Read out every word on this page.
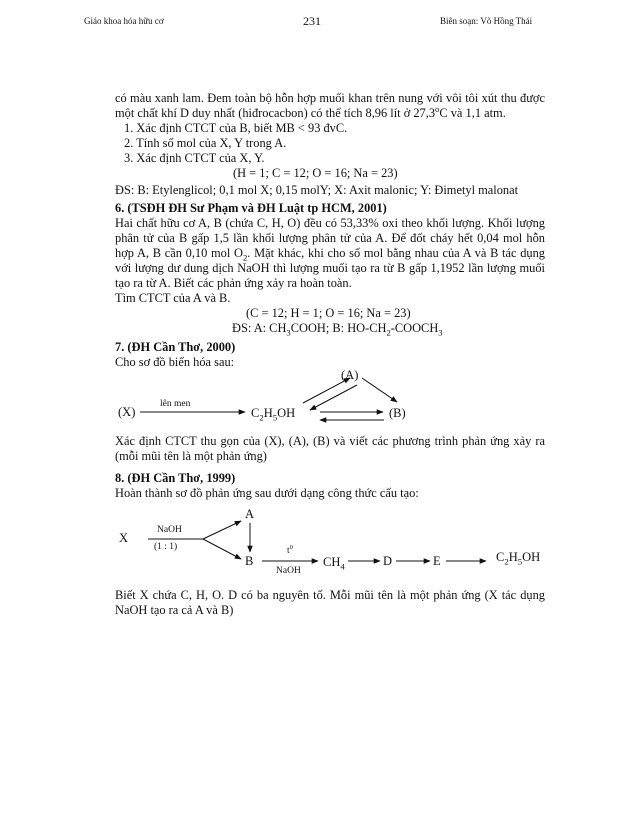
Giáo khoa hóa hữu cơ	231	Biên soạn: Võ Hồng Thái
có màu xanh lam. Đem toàn bộ hỗn hợp muối khan trên nung với vôi tôi xút thu được
một chất khí D duy nhất (hiđrocacbon) có thể tích 8,96 lít ở 27,3$^o$C và 1,1 atm.
1. Xác định CTCT của B, biết MB < 93 đvC.
2. Tính số mol của X, Y trong A.
3. Xác định CTCT của X, Y.
(H = 1; C = 12; O = 16; Na = 23)
ĐS: B: Etylenglicol; 0,1 mol X; 0,15 molY; X: Axit malonic; Y: Đimetyl malonat
6. (TSĐH ĐH Sư Phạm và ĐH Luật tp HCM, 2001)
Hai chất hữu cơ A, B (chứa C, H, O) đều có 53,33% oxi theo khối lượng. Khối lượng
phân tử của B gấp 1,5 lần khối lượng phân tử của A. Để đốt cháy hết 0,04 mol hỗn
hợp A, B cần 0,10 mol $O_2$. Mặt khác, khi cho số mol bằng nhau của A và B tác dụng
với lượng dư dung dịch NaOH thì lượng muối tạo ra từ B gấp 1,1952 lần lượng muối
tạo ra từ A. Biết các phản ứng xảy ra hoàn toàn.
Tìm CTCT của A và B.
(C = 12; H = 1; O = 16; Na = 23)
ĐS: A: $CH_3COOH$; B: $HO-CH_2-COOCH_3$
7. (ĐH Cần Thơ, 2000)
Cho sơ đồ biến hóa sau:
(X)
lên men
$C_2H_5OH$
(A)
(B)
Xác định CTCT thu gọn của (X), (A), (B) và viết các phương trình phản ứng xảy ra
(mỗi mũi tên là một phản ứng)
8. (ĐH Cần Thơ, 1999)
Hoàn thành sơ đồ phản ứng sau dưới dạng công thức cấu tạo:
X
NaOH
(1 : 1)
A
B
$t^0$
NaOH
$CH_4$	D	E	$C_2H_5OH$
Biết X chứa C, H, O. D có ba nguyên tố. Mỗi mũi tên là một phản ứng (X tác dụng
NaOH tạo ra cả A và B)
